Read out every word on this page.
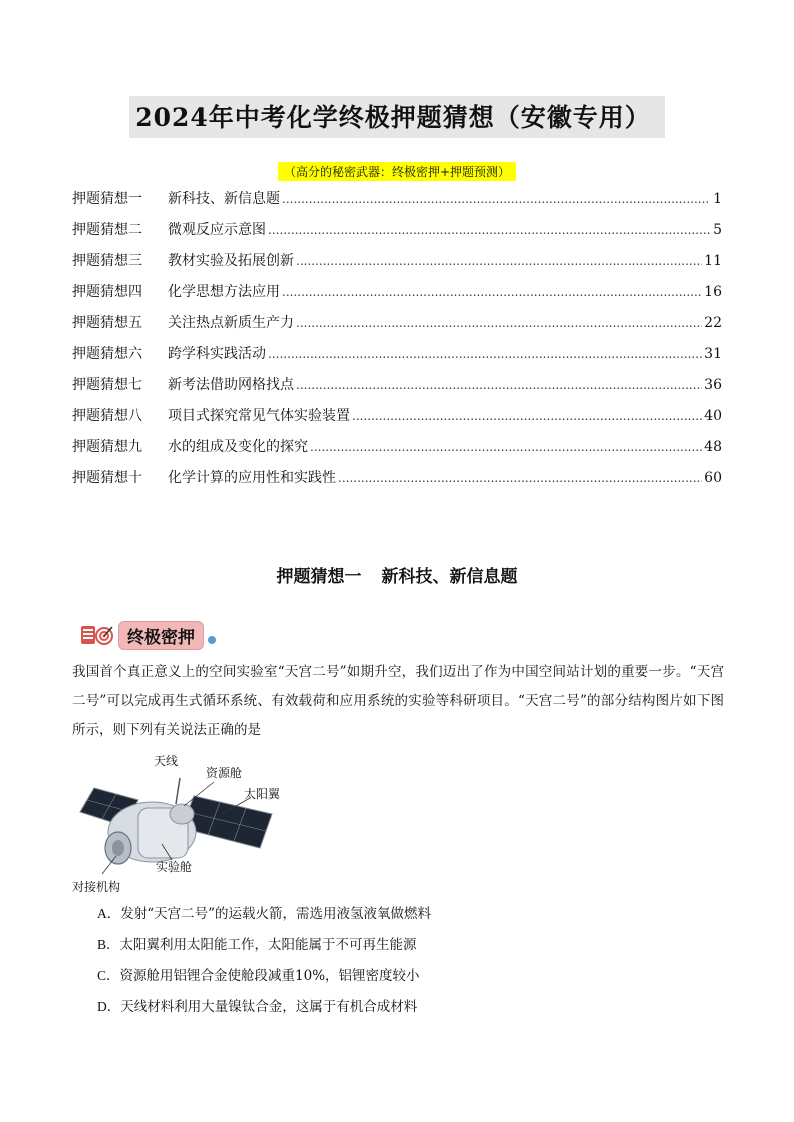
2024年中考化学终极押题猜想（安徽专用）
（高分的秘密武器：终极密押+押题预测）
押题猜想一	新科技、新信息题 .....	1
押题猜想二	微观反应示意图 .....	5
押题猜想三	教材实验及拓展创新 .....	11
押题猜想四	化学思想方法应用 .....	16
押题猜想五	关注热点新质生产力 .....	22
押题猜想六	跨学科实践活动 .....	31
押题猜想七	新考法借助网格找点 .....	36
押题猜想八	项目式探究常见气体实验装置 .....	40
押题猜想九	水的组成及变化的探究 .....	48
押题猜想十	化学计算的应用性和实践性 .....	60
押题猜想一 新科技、新信息题
终极密押
我国首个真正意义上的空间实验室“天宫二号”如期升空，我们迈出了作为中国空间站计划的重要一步。“天宫二号”可以完成再生式循环系统、有效载荷和应用系统的实验等科研项目。“天宫二号”的部分结构图片如下图所示，则下列有关说法正确的是
天线
资源舱
太阳翼
实验舱
对接机构
A．发射“天宫二号”的运载火箭，需选用液氢液氧做燃料
B．太阳翼利用太阳能工作，太阳能属于不可再生能源
C．资源舱用铝锂合金使舱段减重10%，铝锂密度较小
D．天线材料利用大量镍钛合金，这属于有机合成材料
